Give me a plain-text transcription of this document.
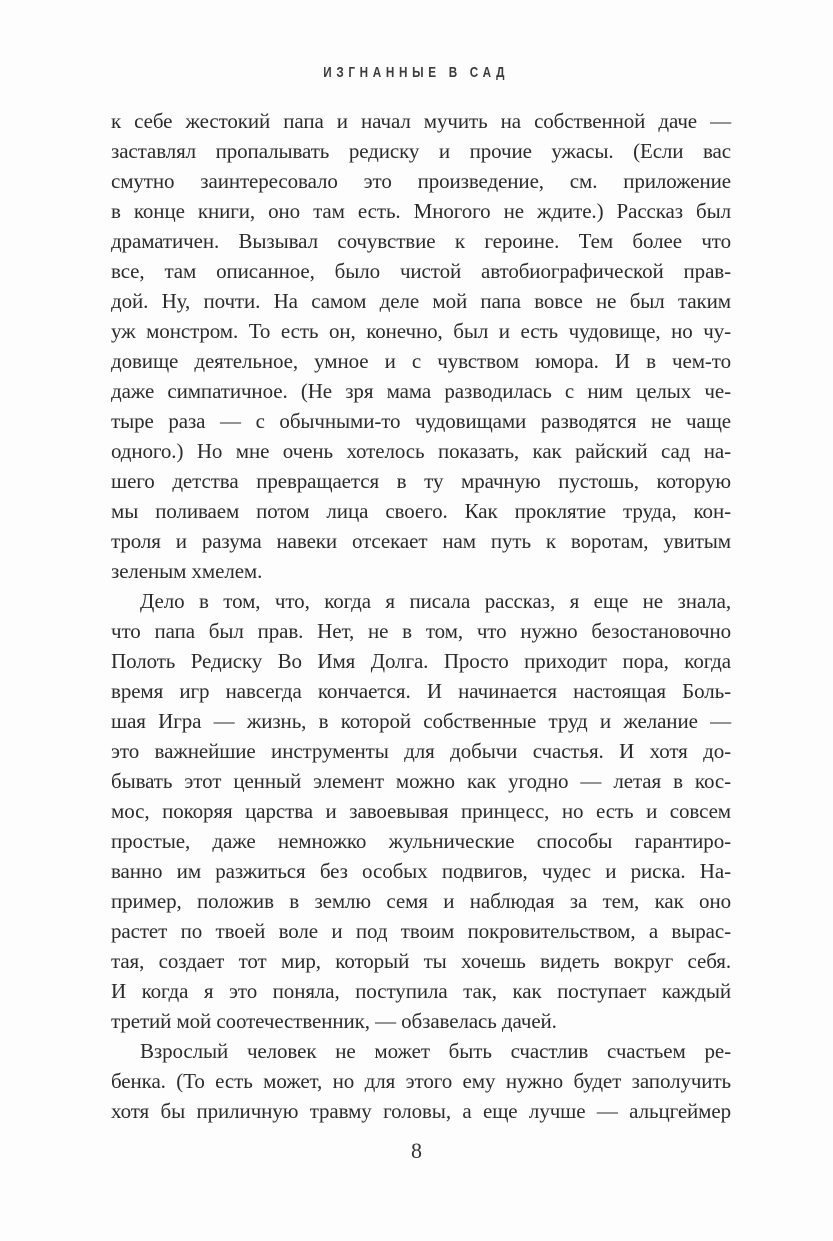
ИЗГНАННЫЕ В САД
к себе жестокий папа и начал мучить на собственной даче —
заставлял пропалывать редиску и прочие ужасы. (Если вас
смутно заинтересовало это произведение, см. приложение
в конце книги, оно там есть. Многого не ждите.) Рассказ был
драматичен. Вызывал сочувствие к героине. Тем более что
все, там описанное, было чистой автобиографической прав-
дой. Ну, почти. На самом деле мой папа вовсе не был таким
уж монстром. То есть он, конечно, был и есть чудовище, но чу-
довище деятельное, умное и с чувством юмора. И в чем-то
даже симпатичное. (Не зря мама разводилась с ним целых че-
тыре раза — с обычными-то чудовищами разводятся не чаще
одного.) Но мне очень хотелось показать, как райский сад на-
шего детства превращается в ту мрачную пустошь, которую
мы поливаем потом лица своего. Как проклятие труда, кон-
троля и разума навеки отсекает нам путь к воротам, увитым
зеленым хмелем.
Дело в том, что, когда я писала рассказ, я еще не знала,
что папа был прав. Нет, не в том, что нужно безостановочно
Полоть Редиску Во Имя Долга. Просто приходит пора, когда
время игр навсегда кончается. И начинается настоящая Боль-
шая Игра — жизнь, в которой собственные труд и желание —
это важнейшие инструменты для добычи счастья. И хотя до-
бывать этот ценный элемент можно как угодно — летая в кос-
мос, покоряя царства и завоевывая принцесс, но есть и совсем
простые, даже немножко жульнические способы гарантиро-
ванно им разжиться без особых подвигов, чудес и риска. На-
пример, положив в землю семя и наблюдая за тем, как оно
растет по твоей воле и под твоим покровительством, а вырас-
тая, создает тот мир, который ты хочешь видеть вокруг себя.
И когда я это поняла, поступила так, как поступает каждый
третий мой соотечественник, — обзавелась дачей.
Взрослый человек не может быть счастлив счастьем ре-
бенка. (То есть может, но для этого ему нужно будет заполучить
хотя бы приличную травму головы, а еще лучше — альцгеймер
8
